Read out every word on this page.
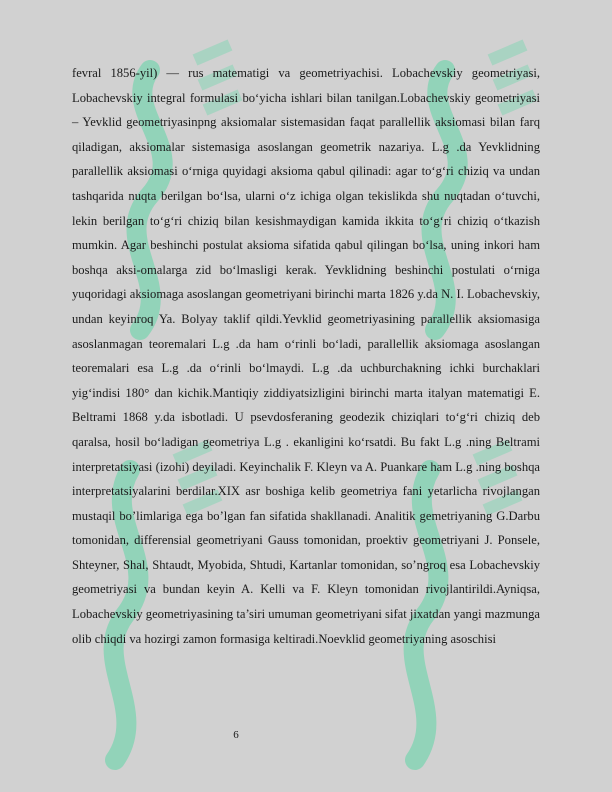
fevral 1856-yil) — rus matematigi va geometriyachisi. Lobachevskiy geometriyasi, Lobachevskiy integral formulasi bo‘yicha ishlari bilan tanilgan.Lobachevskiy geometriyasi – Yevklid geometriyasinpng aksiomalar sistemasidan faqat parallellik aksiomasi bilan farq qiladigan, aksiomalar sistemasiga asoslangan geometrik nazariya. L.g .da Yevklidning parallellik aksiomasi o‘rniga quyidagi aksioma qabul qilinadi: agar to‘g‘ri chiziq va undan tashqarida nuqta berilgan bo‘lsa, ularni o‘z ichiga olgan tekislikda shu nuqtadan o‘tuvchi, lekin berilgan to‘g‘ri chiziq bilan kesishmaydigan kamida ikkita to‘g‘ri chiziq o‘tkazish mumkin. Agar beshinchi postulat aksioma sifatida qabul qilingan bo‘lsa, uning inkori ham boshqa aksi-omalarga zid bo‘lmasligi kerak. Yevklidning beshinchi postulati o‘rniga yuqoridagi aksiomaga asoslangan geometriyani birinchi marta 1826 y.da N. I. Lobachevskiy, undan keyinroq Ya. Bolyay taklif qildi.Yevklid geometriyasining parallellik aksiomasiga asoslanmagan teoremalari L.g .da ham o‘rinli bo‘ladi, parallellik aksiomaga asoslangan teoremalari esa L.g .da o‘rinli bo‘lmaydi. L.g .da uchburchakning ichki burchaklari yig‘indisi 180° dan kichik.Mantiqiy ziddiyatsizligini birinchi marta italyan matematigi E. Beltrami 1868 y.da isbotladi. U psevdosferaning geodezik chiziqlari to‘g‘ri chiziq deb qaralsa, hosil bo‘ladigan geometriya L.g . ekanligini ko‘rsatdi. Bu fakt L.g .ning Beltrami interpretatsiyasi (izohi) deyiladi. Keyinchalik F. Kleyn va A. Puankare ham L.g .ning boshqa interpretatsiyalarini berdilar.XIX asr boshiga kelib geometriya fani yetarlicha rivojlangan mustaqil bo’limlariga ega bo’lgan fan sifatida shakllanadi. Analitik gemetriyaning G.Darbu tomonidan, differensial geometriyani Gauss tomonidan, proektiv geometriyani J. Ponsele, Shteyner, Shal, Shtaudt, Myobida, Shtudi, Kartanlar tomonidan, so’ngroq esa Lobachevskiy geometriyasi va bundan keyin A. Kelli va F. Kleyn tomonidan rivojlantirildi.Ayniqsa, Lobachevskiy geometriyasining ta’siri umuman geometriyani sifat jixatdan yangi mazmunga olib chiqdi va hozirgi zamon formasiga keltiradi.Noevklid geometriyaning asoschisi

6
